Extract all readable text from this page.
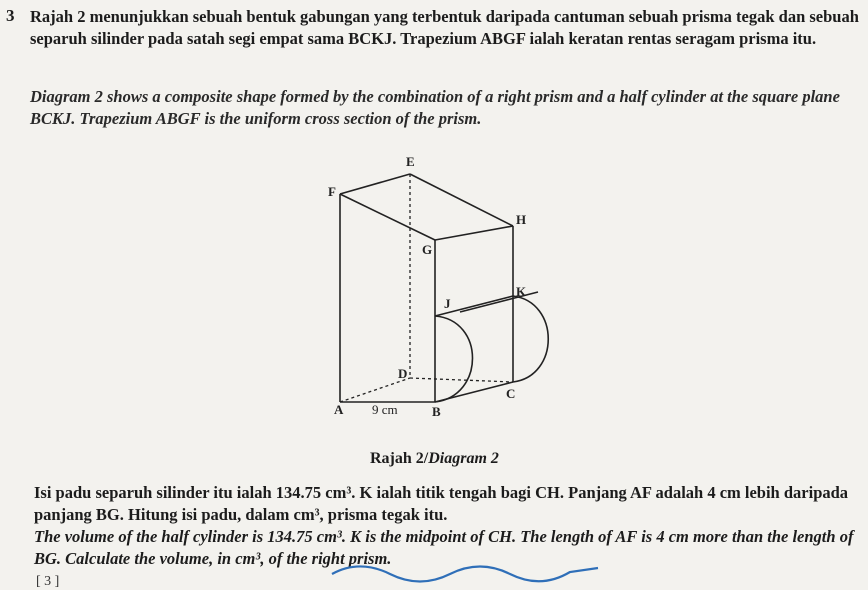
3 Rajah 2 menunjukkan sebuah bentuk gabungan yang terbentuk daripada cantuman sebuah prisma tegak dan sebuah separuh silinder pada satah segi empat sama BCKJ. Trapezium ABGF ialah keratan rentas seragam prisma itu.
Diagram 2 shows a composite shape formed by the combination of a right prism and a half cylinder at the square plane BCKJ. Trapezium ABGF is the uniform cross section of the prism.
E
F
H
G
K
J
D
C
A	B
9 cm
Rajah 2/Diagram 2
Isi padu separuh silinder itu ialah 134.75 cm³. K ialah titik tengah bagi CH. Panjang AF adalah 4 cm lebih daripada panjang BG. Hitung isi padu, dalam cm³, prisma tegak itu.
The volume of the half cylinder is 134.75 cm³. K is the midpoint of CH. The length of AF is 4 cm more than the length of BG. Calculate the volume, in cm³, of the right prism.
[ 3 ]
